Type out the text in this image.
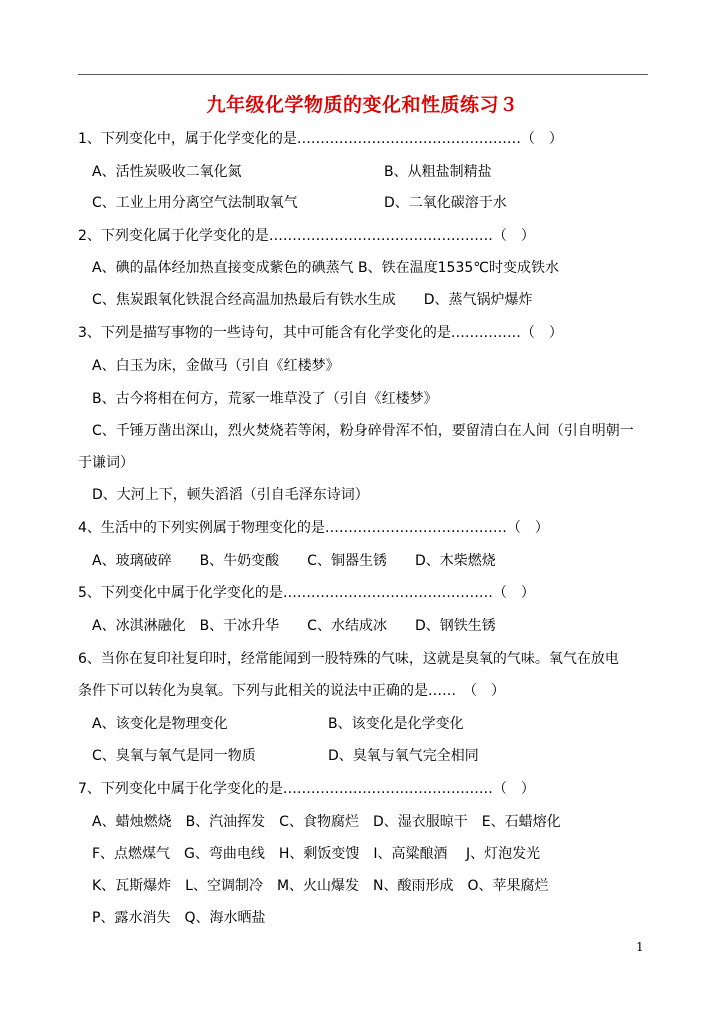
九年级化学物质的变化和性质练习３
1、下列变化中，属于化学变化的是…………………………………………（　）
A、活性炭吸收二氧化氮	B、从粗盐制精盐
C、工业上用分离空气法制取氧气	D、二氧化碳溶于水
2、下列变化属于化学变化的是…………………………………………（　）
A、碘的晶体经加热直接变成紫色的碘蒸气 B、铁在温度1535℃时变成铁水
C、焦炭跟氧化铁混合经高温加热最后有铁水生成　　D、蒸气锅炉爆炸
3、下列是描写事物的一些诗句，其中可能含有化学变化的是……………（　）
A、白玉为床，金做马（引自《红楼梦》
B、古今将相在何方，荒冢一堆草没了（引自《红楼梦》
C、千锤万凿出深山，烈火焚烧若等闲，粉身碎骨浑不怕，要留清白在人间（引自明朝一
于谦词）
D、大河上下，顿失滔滔（引自毛泽东诗词）
4、生活中的下列实例属于物理变化的是…………………………………（　）
A、玻璃破碎　　B、牛奶变酸　　C、铜器生锈　　D、木柴燃烧
5、下列变化中属于化学变化的是………………………………………（　）
A、冰淇淋融化　B、干冰升华　　C、水结成冰　　D、钢铁生锈
6、当你在复印社复印时，经常能闻到一股特殊的气味，这就是臭氧的气味。氧气在放电
条件下可以转化为臭氧。下列与此相关的说法中正确的是……　（　）
A、该变化是物理变化	B、该变化是化学变化
C、臭氧与氧气是同一物质	D、臭氧与氧气完全相同
7、下列变化中属于化学变化的是………………………………………（　）
A、蜡烛燃烧　B、汽油挥发　C、食物腐烂　D、湿衣服晾干　E、石蜡熔化
F、点燃煤气　G、弯曲电线　H、剩饭变馊　I、高粱酿酒　 J、灯泡发光
K、瓦斯爆炸　L、空调制冷　M、火山爆发　N、酸雨形成　O、苹果腐烂
P、露水消失　Q、海水晒盐
1
